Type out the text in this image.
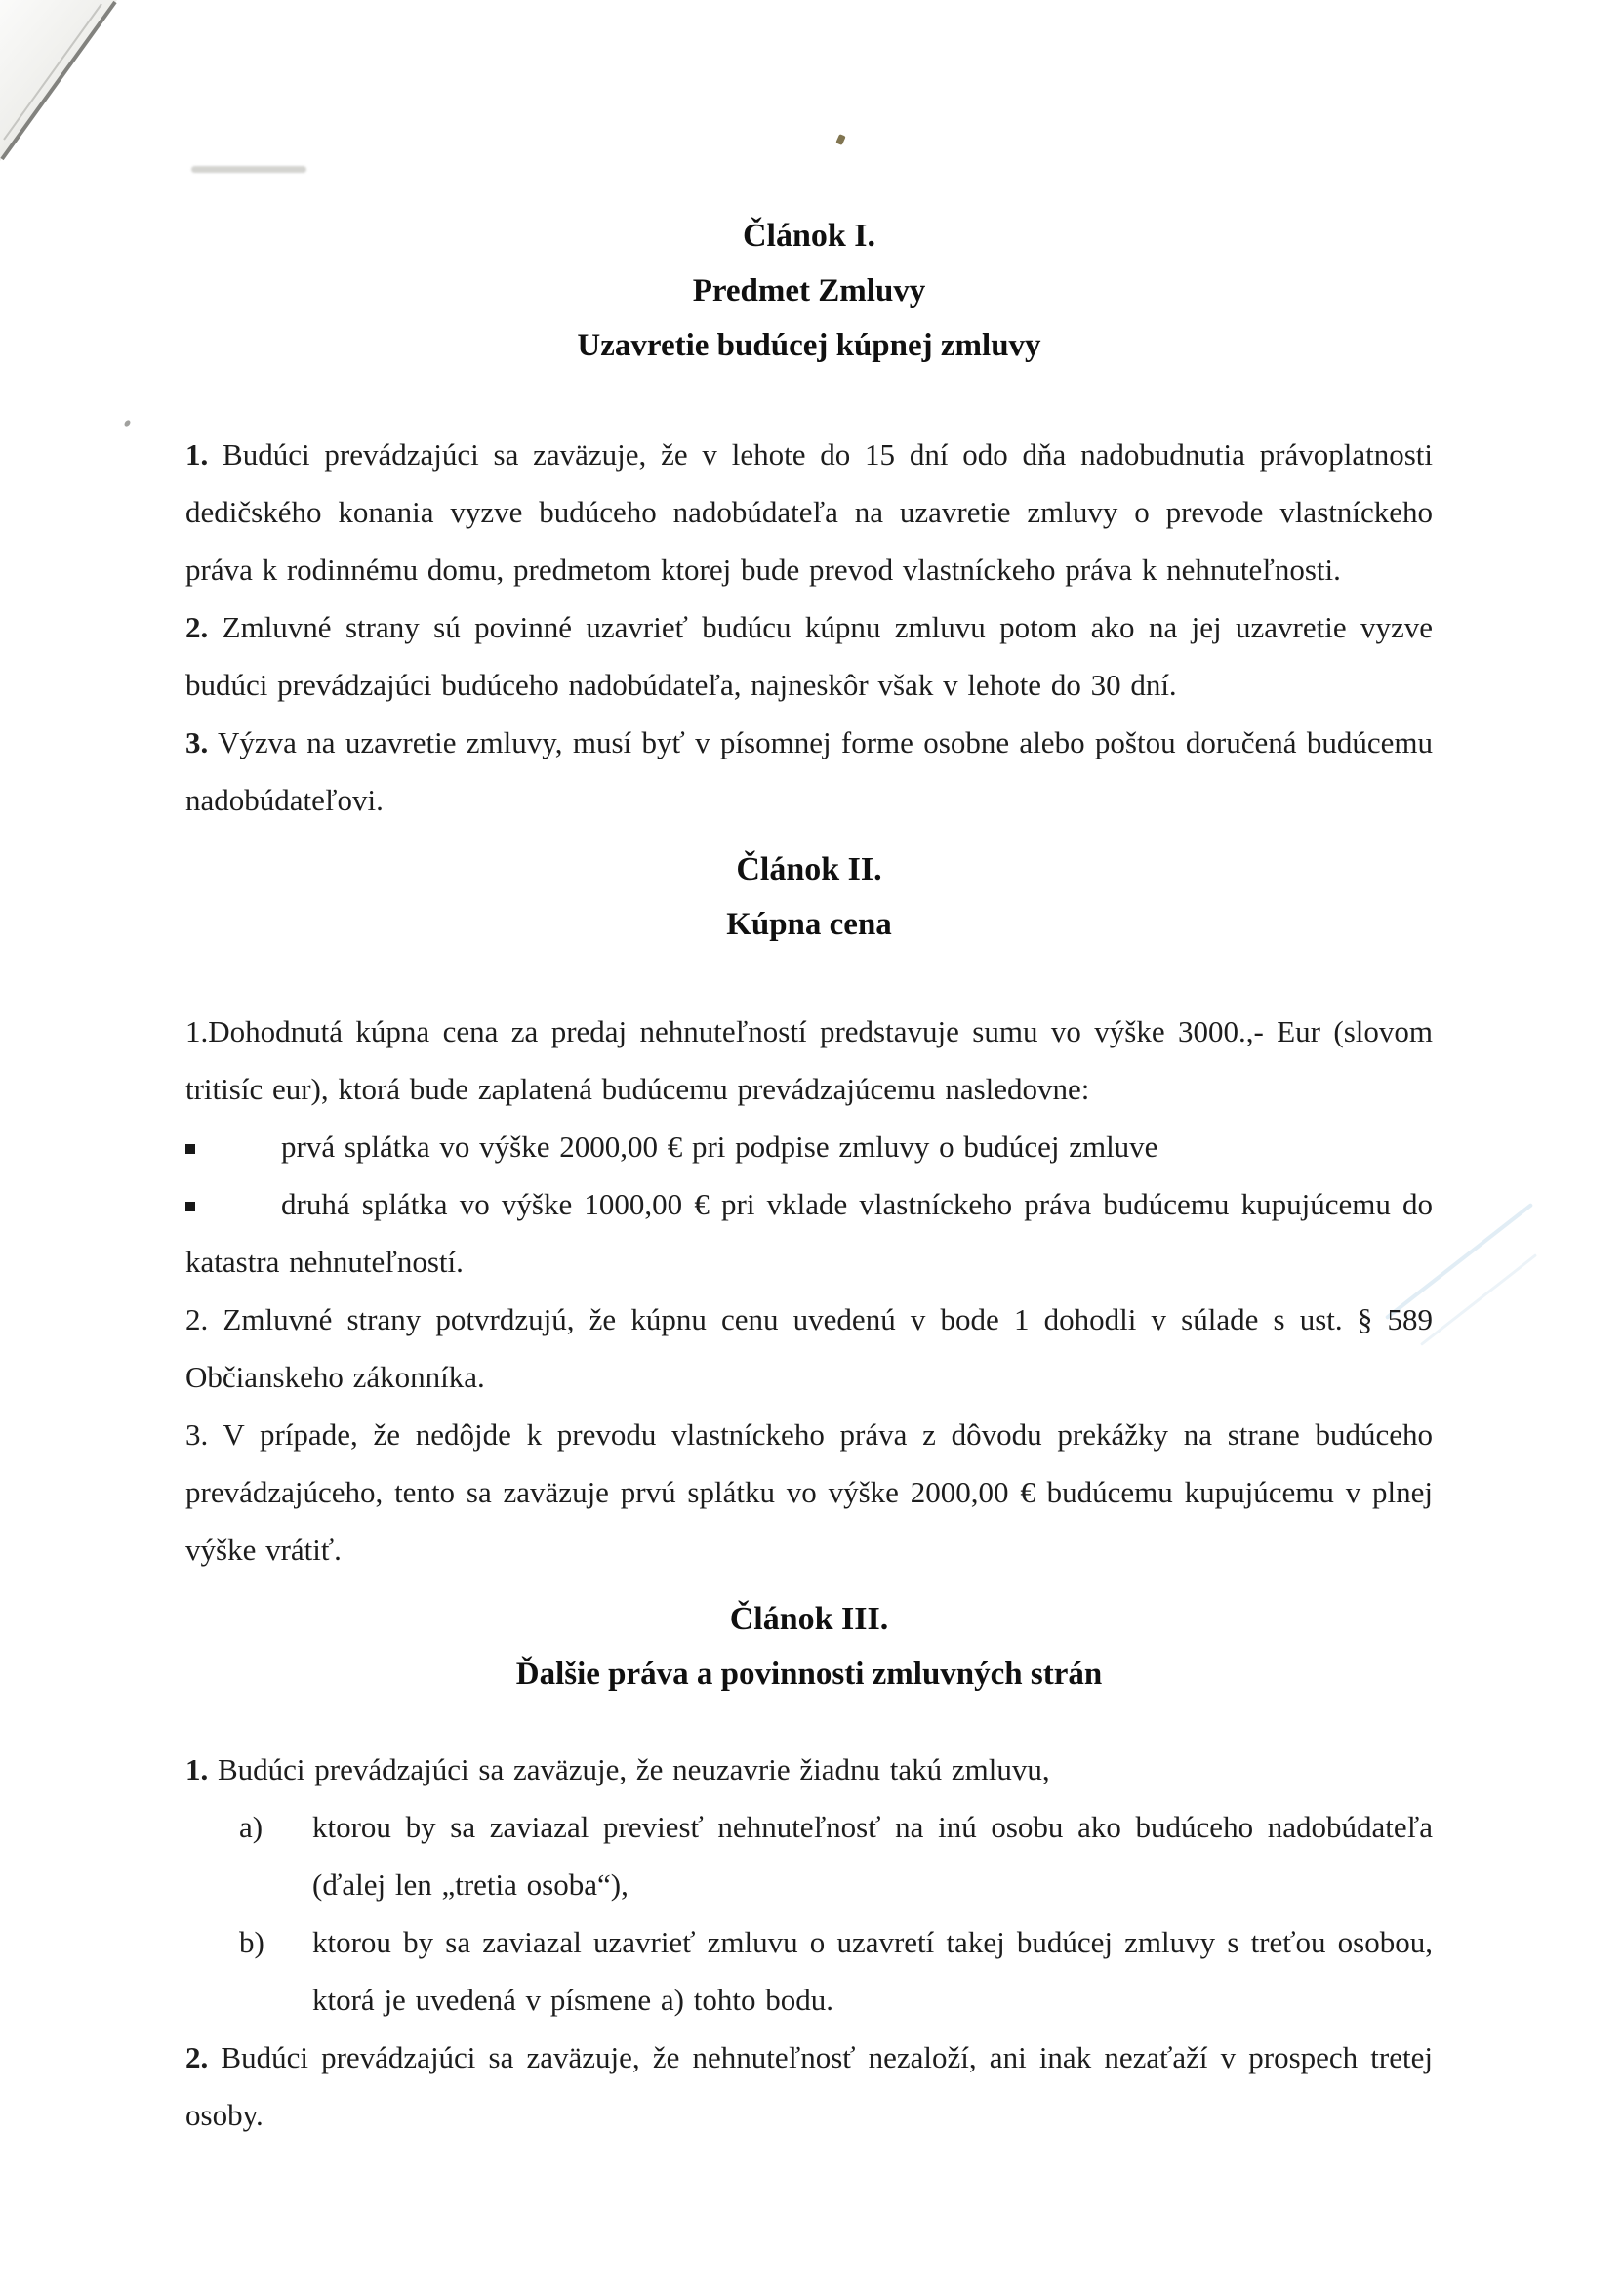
Článok I.
Predmet Zmluvy
Uzavretie budúcej kúpnej zmluvy

1. Budúci prevádzajúci sa zaväzuje, že v lehote do 15 dní odo dňa nadobudnutia právoplatnosti dedičského konania vyzve budúceho nadobúdateľa na uzavretie zmluvy o prevode vlastníckeho práva k rodinnému domu, predmetom ktorej bude prevod vlastníckeho práva k nehnuteľnosti.

2. Zmluvné strany sú povinné uzavrieť budúcu kúpnu zmluvu potom ako na jej uzavretie vyzve budúci prevádzajúci budúceho nadobúdateľa, najneskôr však v lehote do 30 dní.

3. Výzva na uzavretie zmluvy, musí byť v písomnej forme osobne alebo poštou doručená budúcemu nadobúdateľovi.

Článok II.
Kúpna cena

1.Dohodnutá kúpna cena za predaj nehnuteľností predstavuje sumu vo výške 3000.,- Eur (slovom tritisíc eur), ktorá bude zaplatená budúcemu prevádzajúcemu nasledovne:

prvá splátka vo výške 2000,00 € pri podpise zmluvy o budúcej zmluve

druhá splátka vo výške 1000,00 € pri vklade vlastníckeho práva budúcemu kupujúcemu do katastra nehnuteľností.

2. Zmluvné strany potvrdzujú, že kúpnu cenu uvedenú v bode 1 dohodli v súlade s ust. § 589 Občianskeho zákonníka.

3. V prípade, že nedôjde k prevodu vlastníckeho práva z dôvodu prekážky na strane budúceho prevádzajúceho, tento sa zaväzuje prvú splátku vo výške 2000,00 € budúcemu kupujúcemu v plnej výške vrátiť.

Článok III.
Ďalšie práva a povinnosti zmluvných strán

1. Budúci prevádzajúci sa zaväzuje, že neuzavrie žiadnu takú zmluvu,

a) ktorou by sa zaviazal previesť nehnuteľnosť na inú osobu ako budúceho nadobúdateľa (ďalej len „tretia osoba“),
b) ktorou by sa zaviazal uzavrieť zmluvu o uzavretí takej budúcej zmluvy s treťou osobou, ktorá je uvedená v písmene a) tohto bodu.

2. Budúci prevádzajúci sa zaväzuje, že nehnuteľnosť nezaloží, ani inak nezaťaží v prospech tretej osoby.
